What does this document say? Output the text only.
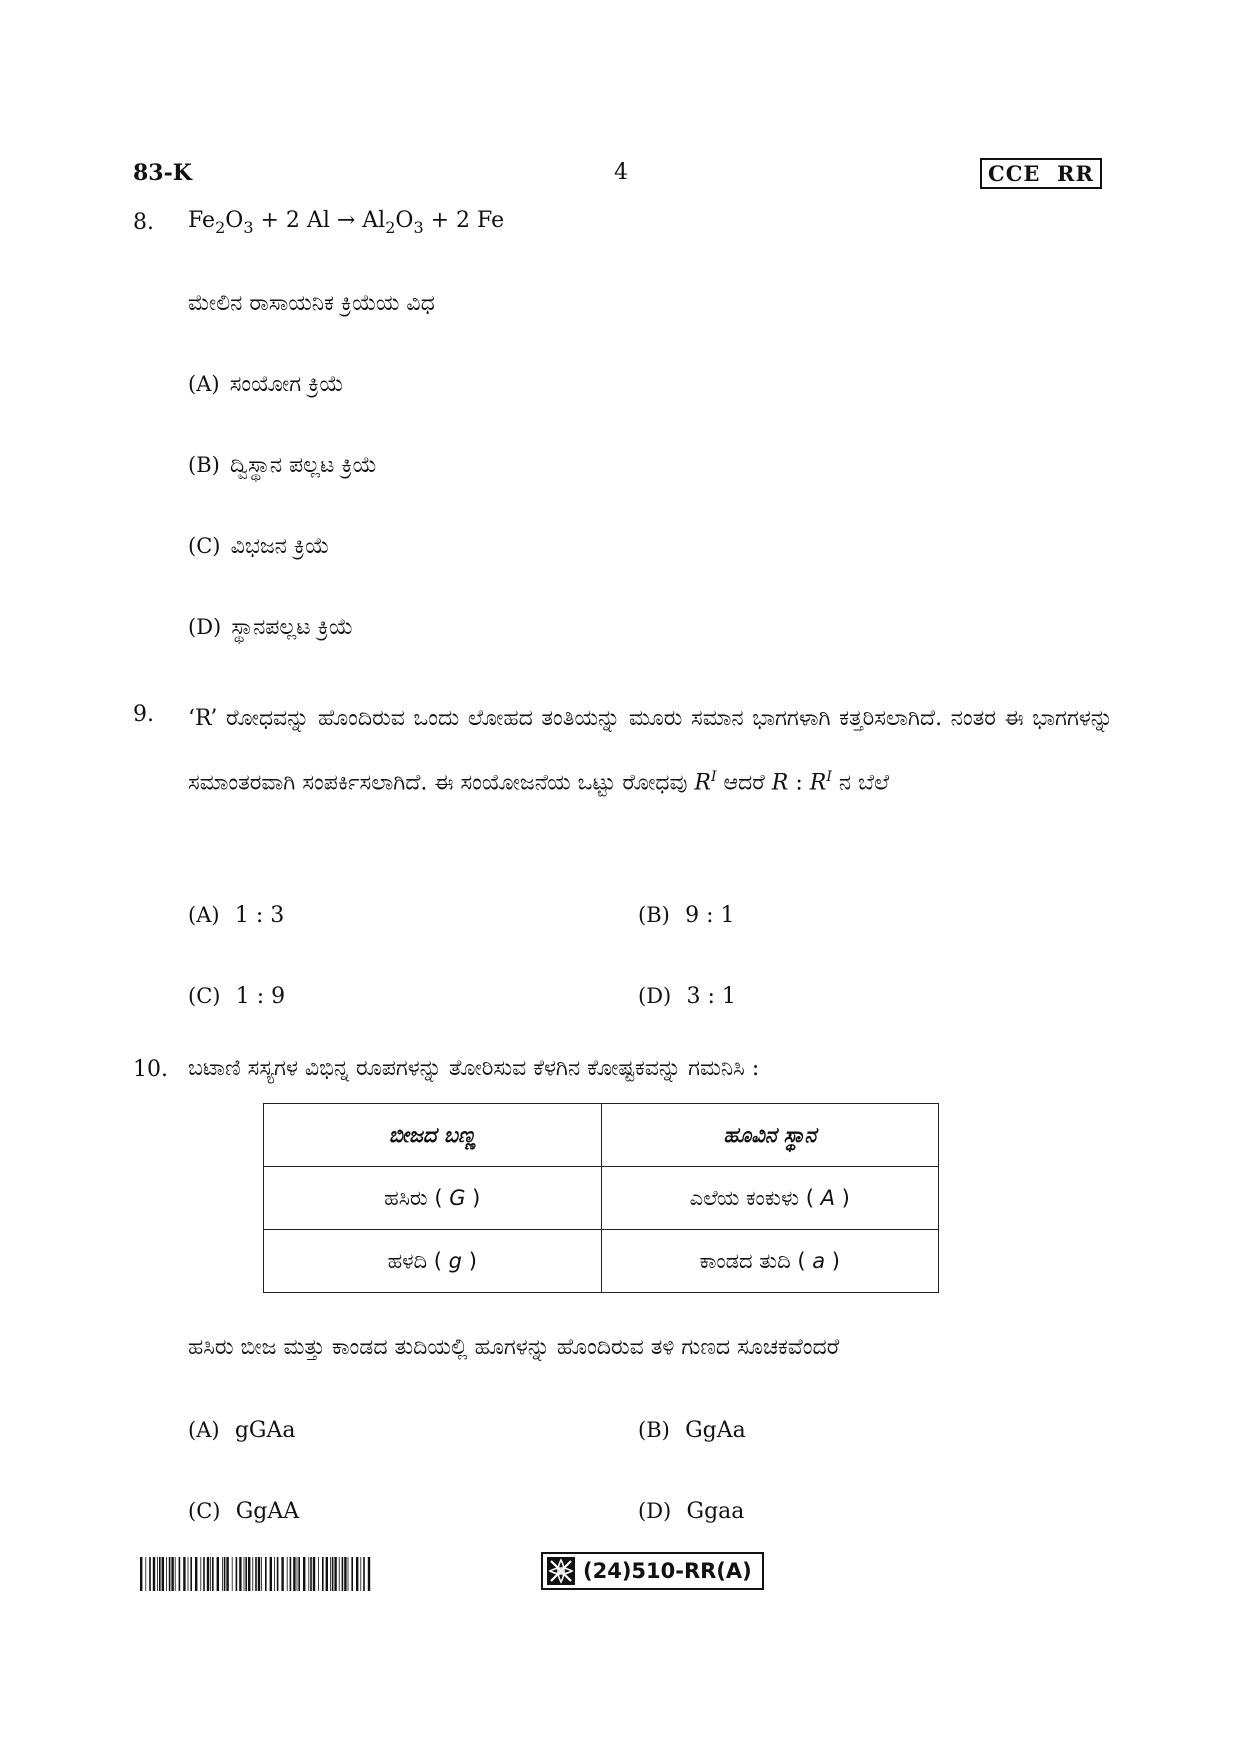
83-K	4	CCE  RR
8. $Fe_2O_3 + 2$ $Al \to Al_2O_3 + 2$ Fe
ಮೇಲಿನ ರಾಸಾಯನಿಕ ಕ್ರಿಯೆಯ ವಿಧ
(A) ಸಂಯೋಗ ಕ್ರಿಯೆ
(B) ದ್ವಿಸ್ಥಾನ ಪಲ್ಲಟ ಕ್ರಿಯೆ
(C) ವಿಭಜನ ಕ್ರಿಯೆ
(D) ಸ್ಥಾನಪಲ್ಲಟ ಕ್ರಿಯೆ
9. ‘R’ ರೋಧವನ್ನು ಹೊಂದಿರುವ ಒಂದು ಲೋಹದ ತಂತಿಯನ್ನು ಮೂರು ಸಮಾನ ಭಾಗಗಳಾಗಿ ಕತ್ತರಿಸಲಾಗಿದೆ. ನಂತರ ಈ ಭಾಗಗಳನ್ನು ಸಮಾಂತರವಾಗಿ ಸಂಪರ್ಕಿಸಲಾಗಿದೆ. ಈ ಸಂಯೋಜನೆಯ ಒಟ್ಟು ರೋಧವು $R^I$ ಆದರೆ R : $R^I$ ನ ಬೆಲೆ
(A) 1 : 3	(B) 9 : 1
(C) 1 : 9	(D) 3 : 1
10. ಬಟಾಣಿ ಸಸ್ಯಗಳ ವಿಭಿನ್ನ ರೂಪಗಳನ್ನು ತೋರಿಸುವ ಕೆಳಗಿನ ಕೋಷ್ಟಕವನ್ನು ಗಮನಿಸಿ :
ಬೀಜದ ಬಣ್ಣ	ಹೂವಿನ ಸ್ಥಾನ
ಹಸಿರು ( G )	ಎಲೆಯ ಕಂಕುಳು ( A )
ಹಳದಿ ( g )	ಕಾಂಡದ ತುದಿ ( a )
ಹಸಿರು ಬೀಜ ಮತ್ತು ಕಾಂಡದ ತುದಿಯಲ್ಲಿ ಹೂಗಳನ್ನು ಹೊಂದಿರುವ ತಳಿ ಗುಣದ ಸೂಚಕವೆಂದರೆ
(A) gGAa	(B) GgAa
(C) GgAA	(D) Ggaa
(24)510-RR(A)
